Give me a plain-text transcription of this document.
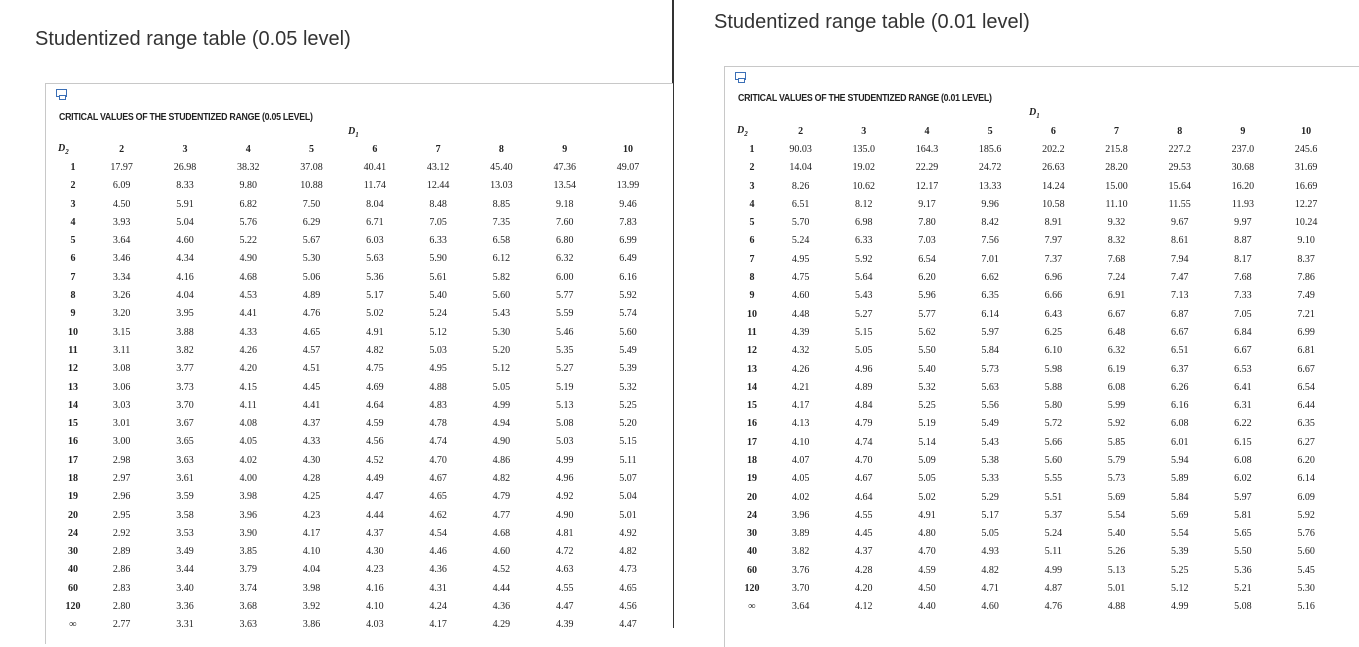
Studentized range table (0.05 level)
Studentized range table (0.01 level)
CRITICAL VALUES OF THE STUDENTIZED RANGE (0.05 LEVEL)
$D_1$
$D_2$	2	3	4	5	6	7	8	9	10
1	17.97	26.98	38.32	37.08	40.41	43.12	45.40	47.36	49.07
2	6.09	8.33	9.80	10.88	11.74	12.44	13.03	13.54	13.99
3	4.50	5.91	6.82	7.50	8.04	8.48	8.85	9.18	9.46
4	3.93	5.04	5.76	6.29	6.71	7.05	7.35	7.60	7.83
5	3.64	4.60	5.22	5.67	6.03	6.33	6.58	6.80	6.99
6	3.46	4.34	4.90	5.30	5.63	5.90	6.12	6.32	6.49
7	3.34	4.16	4.68	5.06	5.36	5.61	5.82	6.00	6.16
8	3.26	4.04	4.53	4.89	5.17	5.40	5.60	5.77	5.92
9	3.20	3.95	4.41	4.76	5.02	5.24	5.43	5.59	5.74
10	3.15	3.88	4.33	4.65	4.91	5.12	5.30	5.46	5.60
11	3.11	3.82	4.26	4.57	4.82	5.03	5.20	5.35	5.49
12	3.08	3.77	4.20	4.51	4.75	4.95	5.12	5.27	5.39
13	3.06	3.73	4.15	4.45	4.69	4.88	5.05	5.19	5.32
14	3.03	3.70	4.11	4.41	4.64	4.83	4.99	5.13	5.25
15	3.01	3.67	4.08	4.37	4.59	4.78	4.94	5.08	5.20
16	3.00	3.65	4.05	4.33	4.56	4.74	4.90	5.03	5.15
17	2.98	3.63	4.02	4.30	4.52	4.70	4.86	4.99	5.11
18	2.97	3.61	4.00	4.28	4.49	4.67	4.82	4.96	5.07
19	2.96	3.59	3.98	4.25	4.47	4.65	4.79	4.92	5.04
20	2.95	3.58	3.96	4.23	4.44	4.62	4.77	4.90	5.01
24	2.92	3.53	3.90	4.17	4.37	4.54	4.68	4.81	4.92
30	2.89	3.49	3.85	4.10	4.30	4.46	4.60	4.72	4.82
40	2.86	3.44	3.79	4.04	4.23	4.36	4.52	4.63	4.73
60	2.83	3.40	3.74	3.98	4.16	4.31	4.44	4.55	4.65
120	2.80	3.36	3.68	3.92	4.10	4.24	4.36	4.47	4.56
∞	2.77	3.31	3.63	3.86	4.03	4.17	4.29	4.39	4.47
CRITICAL VALUES OF THE STUDENTIZED RANGE (0.01 LEVEL)
$D_1$
$D_2$	2	3	4	5	6	7	8	9	10
1	90.03	135.0	164.3	185.6	202.2	215.8	227.2	237.0	245.6
2	14.04	19.02	22.29	24.72	26.63	28.20	29.53	30.68	31.69
3	8.26	10.62	12.17	13.33	14.24	15.00	15.64	16.20	16.69
4	6.51	8.12	9.17	9.96	10.58	11.10	11.55	11.93	12.27
5	5.70	6.98	7.80	8.42	8.91	9.32	9.67	9.97	10.24
6	5.24	6.33	7.03	7.56	7.97	8.32	8.61	8.87	9.10
7	4.95	5.92	6.54	7.01	7.37	7.68	7.94	8.17	8.37
8	4.75	5.64	6.20	6.62	6.96	7.24	7.47	7.68	7.86
9	4.60	5.43	5.96	6.35	6.66	6.91	7.13	7.33	7.49
10	4.48	5.27	5.77	6.14	6.43	6.67	6.87	7.05	7.21
11	4.39	5.15	5.62	5.97	6.25	6.48	6.67	6.84	6.99
12	4.32	5.05	5.50	5.84	6.10	6.32	6.51	6.67	6.81
13	4.26	4.96	5.40	5.73	5.98	6.19	6.37	6.53	6.67
14	4.21	4.89	5.32	5.63	5.88	6.08	6.26	6.41	6.54
15	4.17	4.84	5.25	5.56	5.80	5.99	6.16	6.31	6.44
16	4.13	4.79	5.19	5.49	5.72	5.92	6.08	6.22	6.35
17	4.10	4.74	5.14	5.43	5.66	5.85	6.01	6.15	6.27
18	4.07	4.70	5.09	5.38	5.60	5.79	5.94	6.08	6.20
19	4.05	4.67	5.05	5.33	5.55	5.73	5.89	6.02	6.14
20	4.02	4.64	5.02	5.29	5.51	5.69	5.84	5.97	6.09
24	3.96	4.55	4.91	5.17	5.37	5.54	5.69	5.81	5.92
30	3.89	4.45	4.80	5.05	5.24	5.40	5.54	5.65	5.76
40	3.82	4.37	4.70	4.93	5.11	5.26	5.39	5.50	5.60
60	3.76	4.28	4.59	4.82	4.99	5.13	5.25	5.36	5.45
120	3.70	4.20	4.50	4.71	4.87	5.01	5.12	5.21	5.30
∞	3.64	4.12	4.40	4.60	4.76	4.88	4.99	5.08	5.16
